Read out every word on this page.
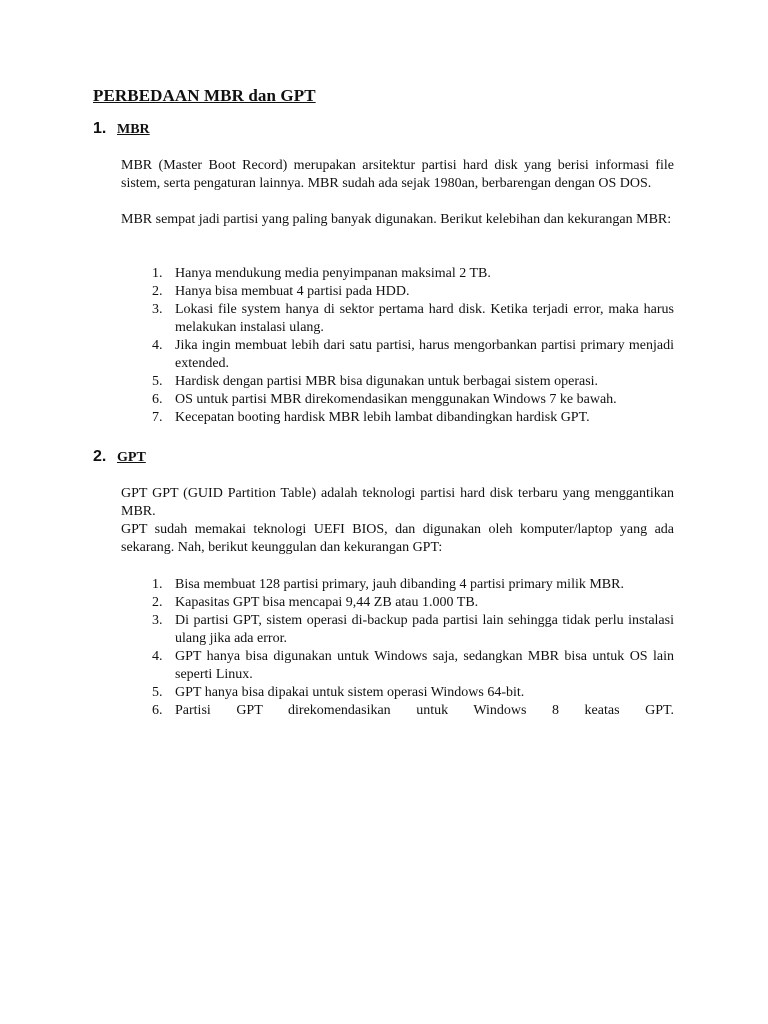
PERBEDAAN MBR dan GPT
1. MBR

MBR (Master Boot Record) merupakan arsitektur partisi hard disk yang berisi informasi file sistem, serta pengaturan lainnya. MBR sudah ada sejak 1980an, berbarengan dengan OS DOS.

MBR sempat jadi partisi yang paling banyak digunakan. Berikut kelebihan dan kekurangan MBR:

1. Hanya mendukung media penyimpanan maksimal 2 TB.
2. Hanya bisa membuat 4 partisi pada HDD.
3. Lokasi file system hanya di sektor pertama hard disk. Ketika terjadi error, maka harus melakukan instalasi ulang.
4. Jika ingin membuat lebih dari satu partisi, harus mengorbankan partisi primary menjadi extended.
5. Hardisk dengan partisi MBR bisa digunakan untuk berbagai sistem operasi.
6. OS untuk partisi MBR direkomendasikan menggunakan Windows 7 ke bawah.
7. Kecepatan booting hardisk MBR lebih lambat dibandingkan hardisk GPT.
2. GPT

GPT GPT (GUID Partition Table) adalah teknologi partisi hard disk terbaru yang menggantikan MBR.

GPT sudah memakai teknologi UEFI BIOS, dan digunakan oleh komputer/laptop yang ada sekarang. Nah, berikut keunggulan dan kekurangan GPT:

1. Bisa membuat 128 partisi primary, jauh dibanding 4 partisi primary milik MBR.
2. Kapasitas GPT bisa mencapai 9,44 ZB atau 1.000 TB.
3. Di partisi GPT, sistem operasi di-backup pada partisi lain sehingga tidak perlu instalasi ulang jika ada error.
4. GPT hanya bisa digunakan untuk Windows saja, sedangkan MBR bisa untuk OS lain seperti Linux.
5. GPT hanya bisa dipakai untuk sistem operasi Windows 64-bit.
6. Partisi GPT direkomendasikan untuk Windows 8 keatas GPT.
